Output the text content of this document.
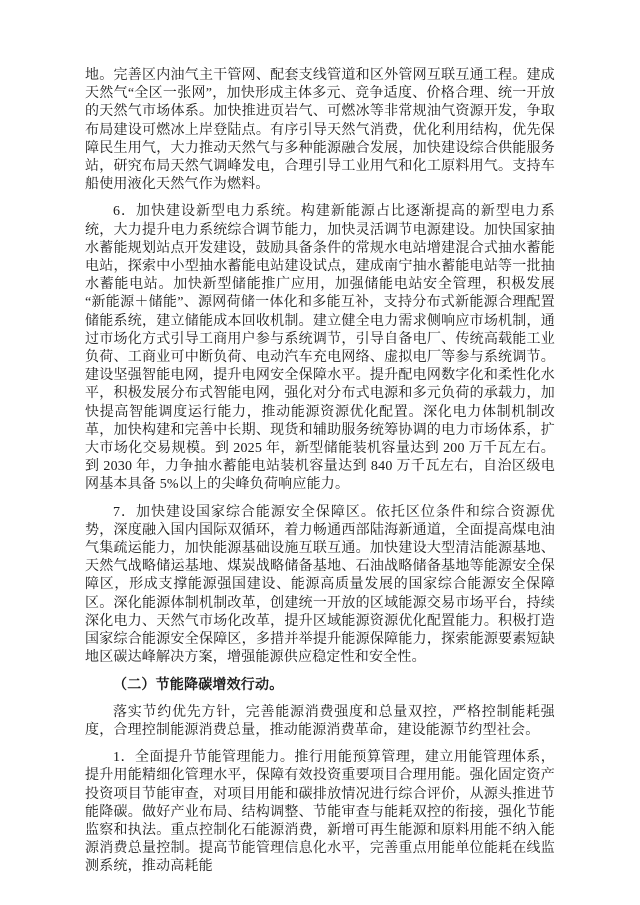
地。完善区内油气主干管网、配套支线管道和区外管网互联互通工程。建成天然气“全区一张网”，加快形成主体多元、竞争适度、价格合理、统一开放的天然气市场体系。加快推进页岩气、可燃冰等非常规油气资源开发，争取布局建设可燃冰上岸登陆点。有序引导天然气消费，优化利用结构，优先保障民生用气，大力推动天然气与多种能源融合发展，加快建设综合供能服务站，研究布局天然气调峰发电，合理引导工业用气和化工原料用气。支持车船使用液化天然气作为燃料。

6．加快建设新型电力系统。构建新能源占比逐渐提高的新型电力系统，大力提升电力系统综合调节能力，加快灵活调节电源建设。加快国家抽水蓄能规划站点开发建设，鼓励具备条件的常规水电站增建混合式抽水蓄能电站，探索中小型抽水蓄能电站建设试点，建成南宁抽水蓄能电站等一批抽水蓄能电站。加快新型储能推广应用，加强储能电站安全管理，积极发展“新能源＋储能”、源网荷储一体化和多能互补，支持分布式新能源合理配置储能系统，建立储能成本回收机制。建立健全电力需求侧响应市场机制，通过市场化方式引导工商用户参与系统调节，引导自备电厂、传统高载能工业负荷、工商业可中断负荷、电动汽车充电网络、虚拟电厂等参与系统调节。建设坚强智能电网，提升电网安全保障水平。提升配电网数字化和柔性化水平，积极发展分布式智能电网，强化对分布式电源和多元负荷的承载力，加快提高智能调度运行能力，推动能源资源优化配置。深化电力体制机制改革，加快构建和完善中长期、现货和辅助服务统筹协调的电力市场体系，扩大市场化交易规模。到 2025 年，新型储能装机容量达到 200 万千瓦左右。到 2030 年，力争抽水蓄能电站装机容量达到 840 万千瓦左右，自治区级电网基本具备 5%以上的尖峰负荷响应能力。

7．加快建设国家综合能源安全保障区。依托区位条件和综合资源优势，深度融入国内国际双循环，着力畅通西部陆海新通道，全面提高煤电油气集疏运能力，加快能源基础设施互联互通。加快建设大型清洁能源基地、天然气战略储运基地、煤炭战略储备基地、石油战略储备基地等能源安全保障区，形成支撑能源强国建设、能源高质量发展的国家综合能源安全保障区。深化能源体制机制改革，创建统一开放的区域能源交易市场平台，持续深化电力、天然气市场化改革，提升区域能源资源优化配置能力。积极打造国家综合能源安全保障区，多措并举提升能源保障能力，探索能源要素短缺地区碳达峰解决方案，增强能源供应稳定性和安全性。

（二）节能降碳增效行动。

落实节约优先方针，完善能源消费强度和总量双控，严格控制能耗强度，合理控制能源消费总量，推动能源消费革命，建设能源节约型社会。

1．全面提升节能管理能力。推行用能预算管理，建立用能管理体系，提升用能精细化管理水平，保障有效投资重要项目合理用能。强化固定资产投资项目节能审查，对项目用能和碳排放情况进行综合评价，从源头推进节能降碳。做好产业布局、结构调整、节能审查与能耗双控的衔接，强化节能监察和执法。重点控制化石能源消费，新增可再生能源和原料用能不纳入能源消费总量控制。提高节能管理信息化水平，完善重点用能单位能耗在线监测系统，推动高耗能
